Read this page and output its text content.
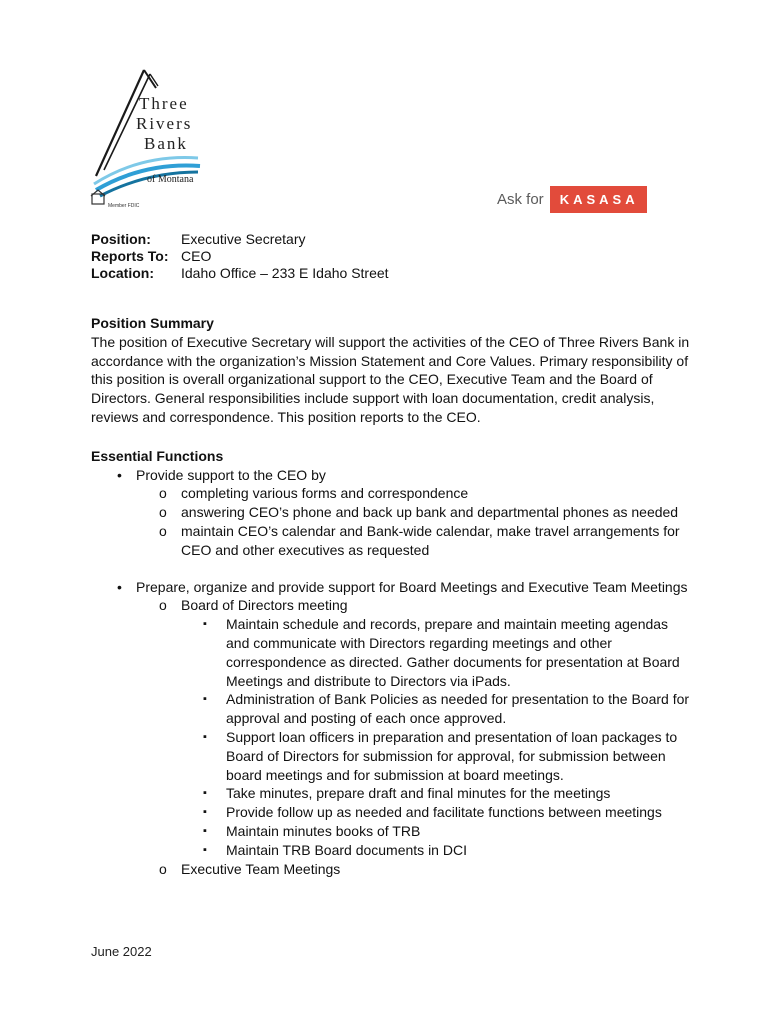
Three
Rivers
Bank
of Montana
Member FDIC	Ask for	KASASA
Position:	Executive Secretary
Reports To: CEO
Location:	Idaho Office – 233 E Idaho Street
Position Summary

The position of Executive Secretary will support the activities of the CEO of Three Rivers Bank in accordance with the organization’s Mission Statement and Core Values. Primary responsibility of this position is overall organizational support to the CEO, Executive Team and the Board of Directors. General responsibilities include support with loan documentation, credit analysis, reviews and correspondence. This position reports to the CEO.

Essential Functions
• Provide support to the CEO by
o completing various forms and correspondence
o answering CEO’s phone and back up bank and departmental phones as needed
o maintain CEO’s calendar and Bank-wide calendar, make travel arrangements for CEO and other executives as requested
• Prepare, organize and provide support for Board Meetings and Executive Team Meetings
o Board of Directors meeting
▪ Maintain schedule and records, prepare and maintain meeting agendas and communicate with Directors regarding meetings and other correspondence as directed. Gather documents for presentation at Board Meetings and distribute to Directors via iPads.
▪ Administration of Bank Policies as needed for presentation to the Board for approval and posting of each once approved.
▪ Support loan officers in preparation and presentation of loan packages to Board of Directors for submission for approval, for submission between board meetings and for submission at board meetings.
▪ Take minutes, prepare draft and final minutes for the meetings
▪ Provide follow up as needed and facilitate functions between meetings
▪ Maintain minutes books of TRB
▪ Maintain TRB Board documents in DCI
o Executive Team Meetings
June 2022
